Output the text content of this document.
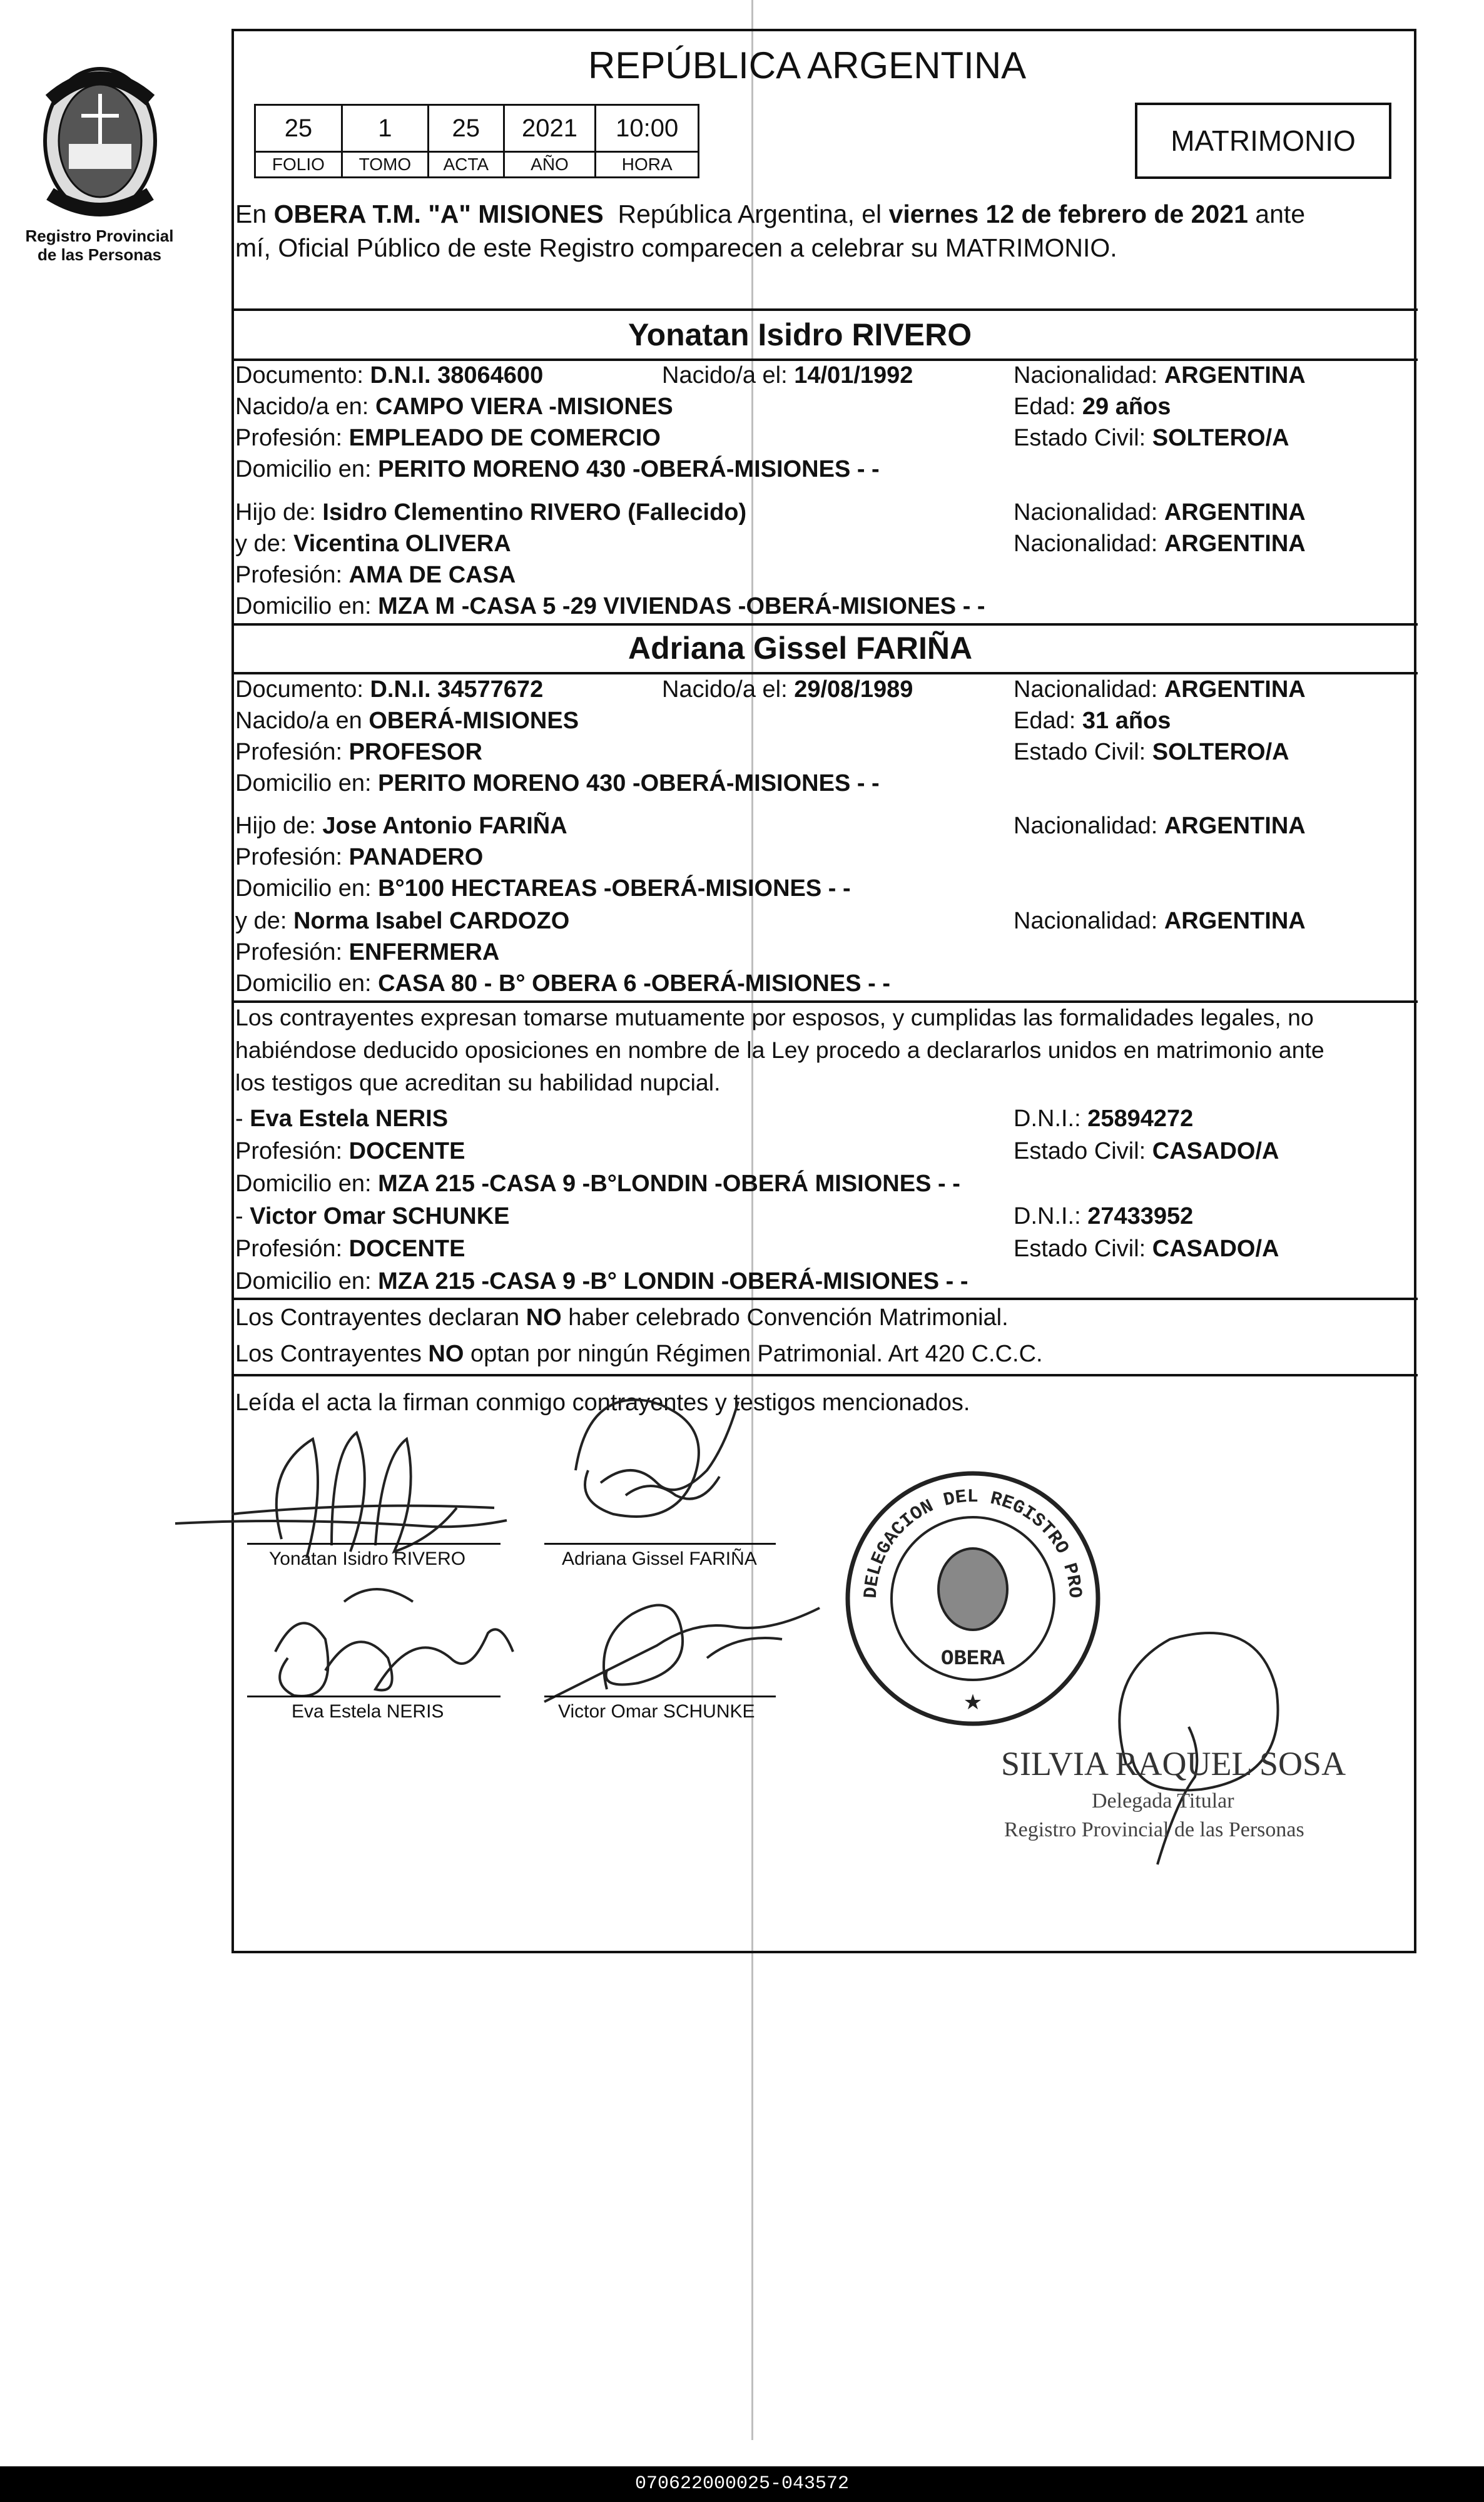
Registro Provincial
de las Personas
REPÚBLICA ARGENTINA
25	1	25	2021	10:00
FOLIO	TOMO	ACTA	AÑO	HORA
MATRIMONIO
En OBERA T.M. "A" MISIONES República Argentina, el viernes 12 de febrero de 2021 ante
mí, Oficial Público de este Registro comparecen a celebrar su MATRIMONIO.
Yonatan Isidro RIVERO
Documento: D.N.I. 38064600	Nacido/a el: 14/01/1992	Nacionalidad: ARGENTINA
Nacido/a en: CAMPO VIERA -MISIONES	Edad: 29 años
Profesión: EMPLEADO DE COMERCIO	Estado Civil: SOLTERO/A
Domicilio en: PERITO MORENO 430 -OBERÁ-MISIONES - -
Hijo de: Isidro Clementino RIVERO (Fallecido)	Nacionalidad: ARGENTINA
y de: Vicentina OLIVERA	Nacionalidad: ARGENTINA
Profesión: AMA DE CASA
Domicilio en: MZA M -CASA 5 -29 VIVIENDAS -OBERÁ-MISIONES - -
Adriana Gissel FARIÑA
Documento: D.N.I. 34577672	Nacido/a el: 29/08/1989	Nacionalidad: ARGENTINA
Nacido/a en OBERÁ-MISIONES	Edad: 31 años
Profesión: PROFESOR	Estado Civil: SOLTERO/A
Domicilio en: PERITO MORENO 430 -OBERÁ-MISIONES - -
Hijo de: Jose Antonio FARIÑA	Nacionalidad: ARGENTINA
Profesión: PANADERO
Domicilio en: B°100 HECTAREAS -OBERÁ-MISIONES - -
y de: Norma Isabel CARDOZO	Nacionalidad: ARGENTINA
Profesión: ENFERMERA
Domicilio en: CASA 80 - B° OBERA 6 -OBERÁ-MISIONES - -
Los contrayentes expresan tomarse mutuamente por esposos, y cumplidas las formalidades legales, no
habiéndose deducido oposiciones en nombre de la Ley procedo a declararlos unidos en matrimonio ante
los testigos que acreditan su habilidad nupcial.
- Eva Estela NERIS	D.N.I.: 25894272
Profesión: DOCENTE	Estado Civil: CASADO/A
Domicilio en: MZA 215 -CASA 9 -B°LONDIN -OBERÁ MISIONES - -
- Victor Omar SCHUNKE	D.N.I.: 27433952
Profesión: DOCENTE	Estado Civil: CASADO/A
Domicilio en: MZA 215 -CASA 9 -B° LONDIN -OBERÁ-MISIONES - -
Los Contrayentes declaran NO haber celebrado Convención Matrimonial.
Los Contrayentes NO optan por ningún Régimen Patrimonial. Art 420 C.C.C.
Leída el acta la firman conmigo contrayentes y testigos mencionados.
Yonatan Isidro RIVERO	Adriana Gissel FARIÑA
Eva Estela NERIS	Victor Omar SCHUNKE
DELEGACION DEL REGISTRO PRO
OBERA
★
SILVIA RAQUEL SOSA
Delegada Titular
Registro Provincial de las Personas
070622000025-043572
